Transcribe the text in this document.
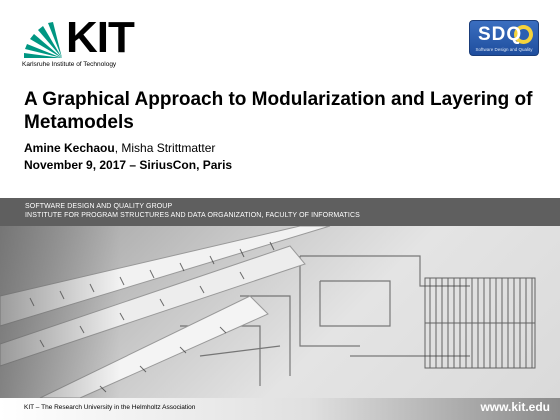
KIT
Karlsruhe Institute of Technology
SDQ
Software Design and Quality
A Graphical Approach to Modularization and Layering of Metamodels
Amine Kechaou, Misha Strittmatter
November 9, 2017 – SiriusCon, Paris
SOFTWARE DESIGN AND QUALITY GROUP
INSTITUTE FOR PROGRAM STRUCTURES AND DATA ORGANIZATION, FACULTY OF INFORMATICS
KIT – The Research University in the Helmholtz Association	www.kit.edu
